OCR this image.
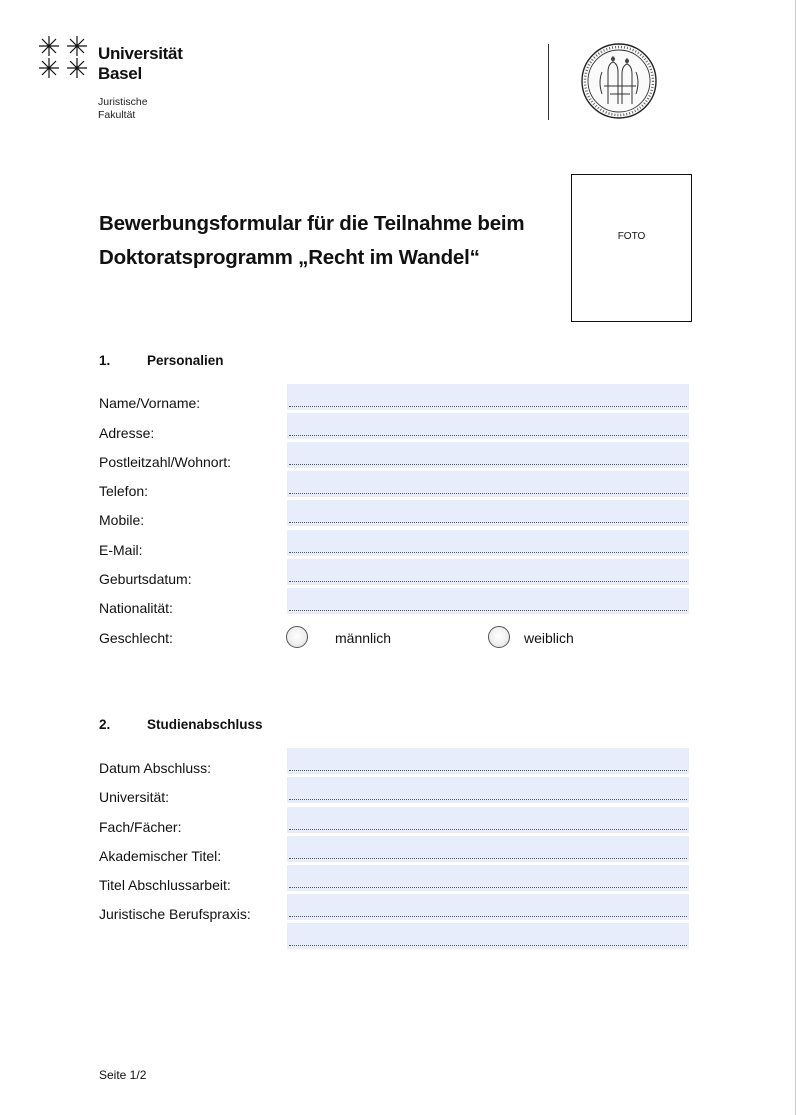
Universität
Basel
Juristische
Fakultät
Bewerbungsformular für die Teilnahme beim
Doktoratsprogramm „Recht im Wandel“
FOTO
1.	Personalien
Name/Vorname:
Adresse:
Postleitzahl/Wohnort:
Telefon:
Mobile:
E-Mail:
Geburtsdatum:
Nationalität:
Geschlecht:	männlich	weiblich
2.	Studienabschluss
Datum Abschluss:
Universität:
Fach/Fächer:
Akademischer Titel:
Titel Abschlussarbeit:
Juristische Berufspraxis:
Seite 1/2
